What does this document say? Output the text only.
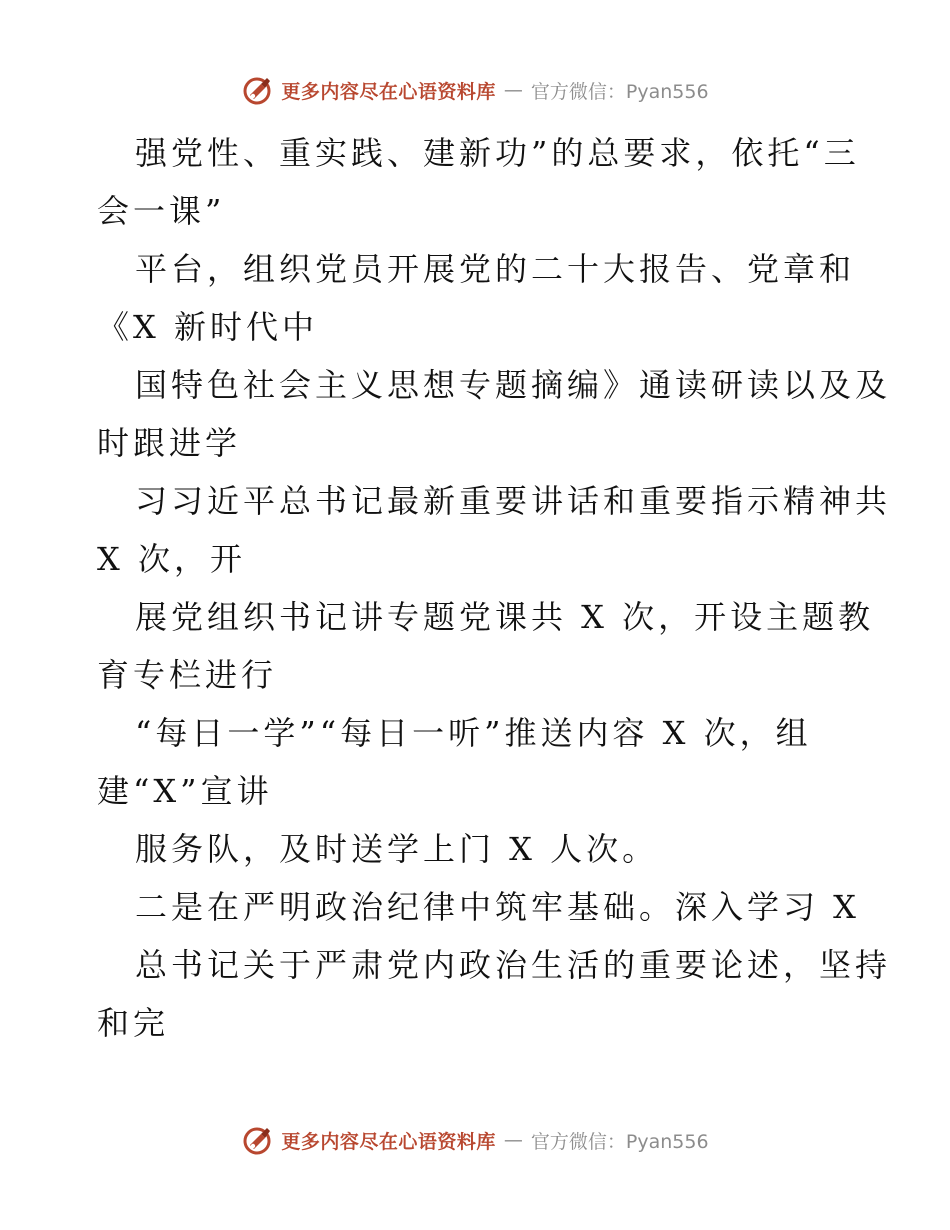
更多内容尽在心语资料库 — 官方微信：Pyan556
强党性、重实践、建新功”的总要求，依托“三
会一课”
平台，组织党员开展党的二十大报告、党章和
《X 新时代中
国特色社会主义思想专题摘编》通读研读以及及
时跟进学
习习近平总书记最新重要讲话和重要指示精神共
X 次，开
展党组织书记讲专题党课共 X 次，开设主题教
育专栏进行
“每日一学”“每日一听”推送内容 X 次，组
建“X”宣讲
服务队，及时送学上门 X 人次。
二是在严明政治纪律中筑牢基础。深入学习 X
总书记关于严肃党内政治生活的重要论述，坚持
和完
更多内容尽在心语资料库 — 官方微信：Pyan556
